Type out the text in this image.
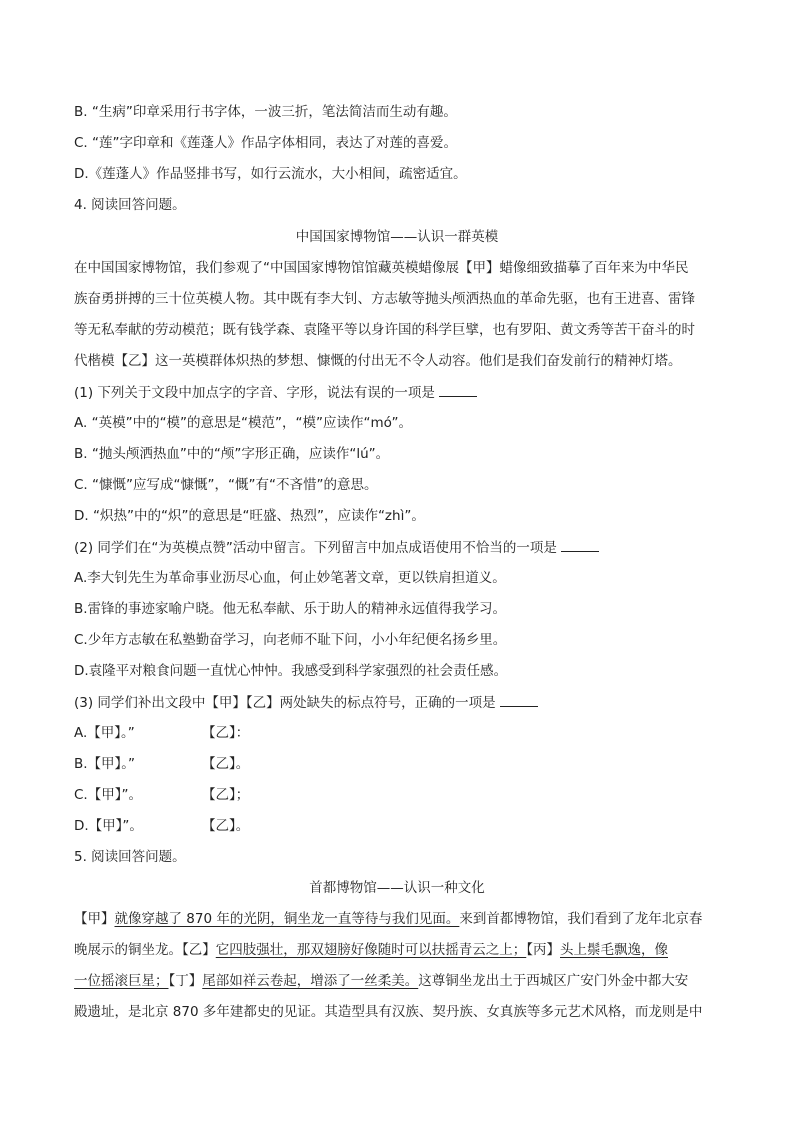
B. “生病”印章采用行书字体，一波三折，笔法简洁而生动有趣。
C. “莲”字印章和《莲蓬人》作品字体相同，表达了对莲的喜爱。
D.《莲蓬人》作品竖排书写，如行云流水，大小相间，疏密适宜。
4. 阅读回答问题。
中国国家博物馆——认识一群英模
在中国国家博物馆，我们参观了“中国国家博物馆馆藏英模蜡像展【甲】蜡像细致描摹了百年来为中华民
族奋勇拼搏的三十位英模人物。其中既有李大钊、方志敏等抛头颅洒热血的革命先驱，也有王进喜、雷锋
等无私奉献的劳动模范；既有钱学森、袁隆平等以身许国的科学巨擘，也有罗阳、黄文秀等苦干奋斗的时
代楷模【乙】这一英模群体炽热的梦想、慷慨的付出无不令人动容。他们是我们奋发前行的精神灯塔。
(1) 下列关于文段中加点字的字音、字形，说法有误的一项是
A. “英模”中的“模”的意思是“模范”，“模”应读作“mó”。
B. “抛头颅洒热血”中的“颅”字形正确，应读作“lú”。
C. “慷慨”应写成“慷慨”，“慨”有“不吝惜”的意思。
D. “炽热”中的“炽”的意思是“旺盛、热烈”，应读作“zhì”。
(2) 同学们在“为英模点赞”活动中留言。下列留言中加点成语使用不恰当的一项是
A.李大钊先生为革命事业沥尽心血，何止妙笔著文章，更以铁肩担道义。
B.雷锋的事迹家喻户晓。他无私奉献、乐于助人的精神永远值得我学习。
C.少年方志敏在私塾勤奋学习，向老师不耻下问，小小年纪便名扬乡里。
D.袁隆平对粮食问题一直忧心忡忡。我感受到科学家强烈的社会责任感。
(3) 同学们补出文段中【甲】【乙】两处缺失的标点符号，正确的一项是
A.【甲】。”	【乙】：
B.【甲】。”	【乙】。
C.【甲】”。	【乙】；
D.【甲】”。	【乙】。
5. 阅读回答问题。
首都博物馆——认识一种文化
【甲】就像穿越了 870 年的光阴，铜坐龙一直等待与我们见面。来到首都博物馆，我们看到了龙年北京春
晚展示的铜坐龙。【乙】它四肢强壮，那双翅膀好像随时可以扶摇青云之上；【丙】头上鬃毛飘逸，像
一位摇滚巨星；【丁】尾部如祥云卷起，增添了一丝柔美。这尊铜坐龙出土于西城区广安门外金中都大安
殿遗址，是北京 870 多年建都史的见证。其造型具有汉族、契丹族、女真族等多元艺术风格，而龙则是中
